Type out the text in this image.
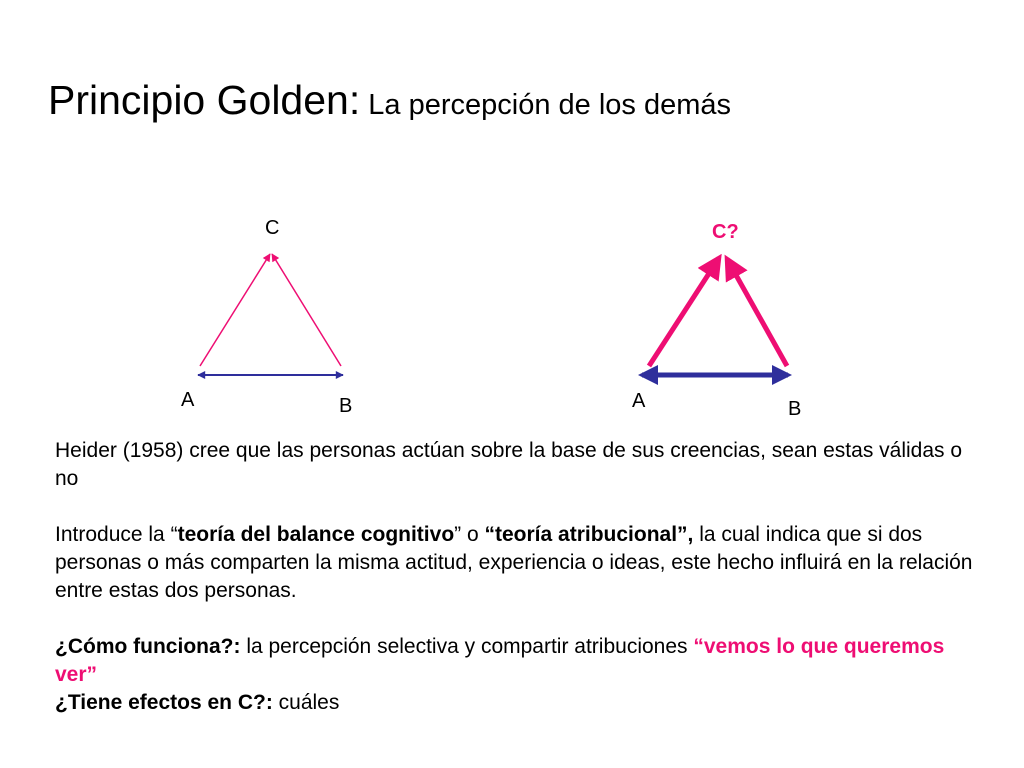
Principio Golden: La percepción de los demás
C
A	B
C?
A	B

Heider (1958) cree que las personas actúan sobre la base de sus creencias, sean estas válidas o no

Introduce la “teoría del balance cognitivo” o “teoría atribucional”, la cual indica que si dos personas o más comparten la misma actitud, experiencia o ideas, este hecho influirá en la relación entre estas dos personas.

¿Cómo funciona?: la percepción selectiva y compartir atribuciones “vemos lo que queremos ver”

¿Tiene efectos en C?: cuáles
